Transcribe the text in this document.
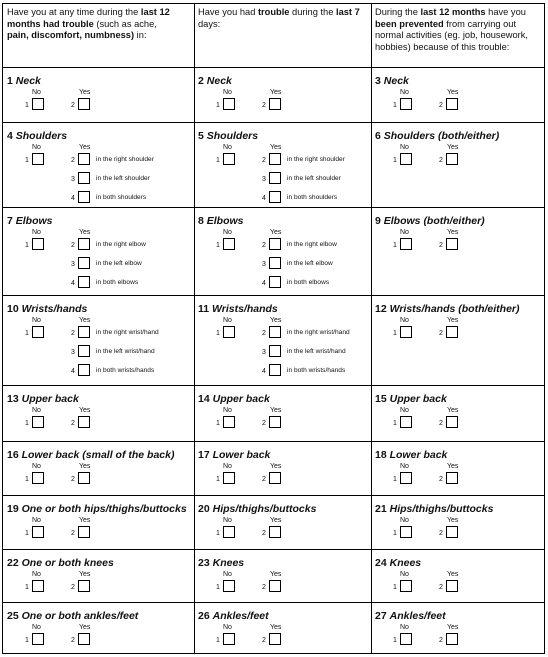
Have you at any time during the last 12
months had trouble (such as ache,
pain, discomfort, numbness) in:
Have you had trouble during the last 7
days:
During the last 12 months have you
been prevented from carrying out
normal activities (eg. job, housework,
hobbies) because of this trouble:
1 Neck
No
1
Yes
2
2 Neck
No
1
Yes
2
3 Neck
No
1
Yes
2
4 Shoulders
No
1
Yes
2	in the right shoulder
3	in the left shoulder
4	in both shoulders
5 Shoulders
No
1
Yes
2	in the right shoulder
3	in the left shoulder
4	in both shoulders
6 Shoulders (both/either)
No
1
Yes
2
7 Elbows
No
1
Yes
2	in the right elbow
3	in the left elbow
4	in both elbows
8 Elbows
No
1
Yes
2	in the right elbow
3	in the left elbow
4	in both elbows
9 Elbows (both/either)
No
1
Yes
2
10 Wrists/hands
No
1
Yes
2	in the right wrist/hand
3	in the left wrist/hand
4	in both wrists/hands
11 Wrists/hands
No
1
Yes
2	in the right wrist/hand
3	in the left wrist/hand
4	in both wrists/hands
12 Wrists/hands (both/either)
No
1
Yes
2
13 Upper back
No
1
Yes
2
14 Upper back
No
1
Yes
2
15 Upper back
No
1
Yes
2
16 Lower back (small of the back)
No
1
Yes
2
17 Lower back
No
1
Yes
2
18 Lower back
No
1
Yes
2
19 One or both hips/thighs/buttocks
No
1
Yes
2
20 Hips/thighs/buttocks
No
1
Yes
2
21 Hips/thighs/buttocks
No
1
Yes
2
22 One or both knees
No
1
Yes
2
23 Knees
No
1
Yes
2
24 Knees
No
1
Yes
2
25 One or both ankles/feet
No
1
Yes
2
26 Ankles/feet
No
1
Yes
2
27 Ankles/feet
No
1
Yes
2
